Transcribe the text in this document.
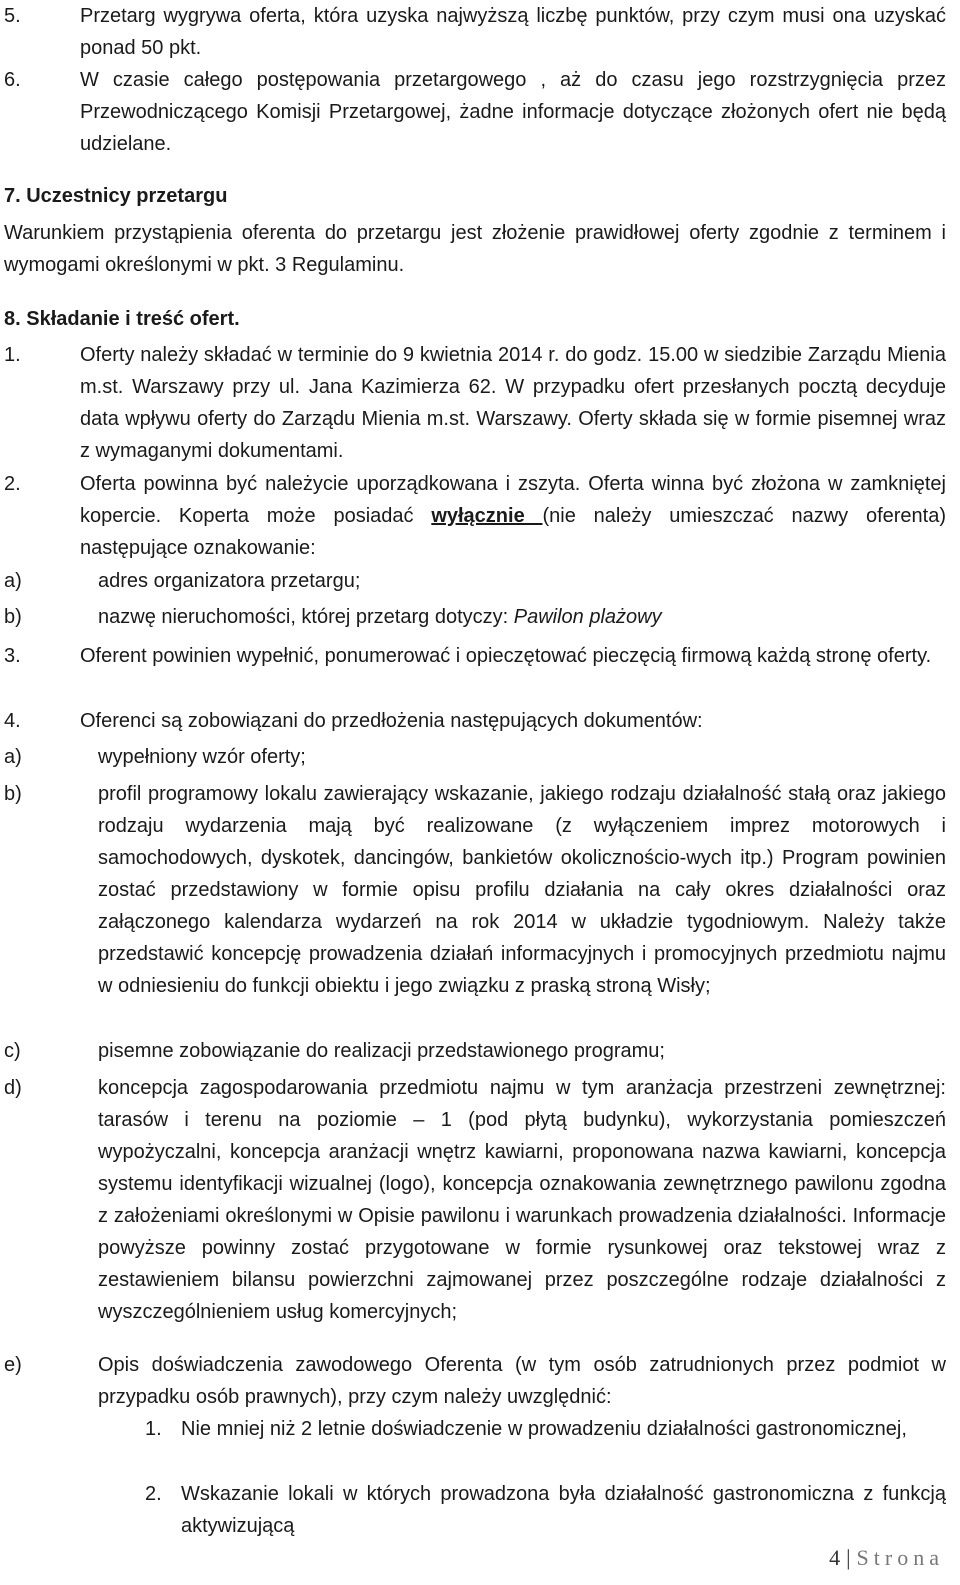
5.	Przetarg wygrywa oferta, która uzyska najwyższą liczbę punktów, przy czym musi ona uzyskać ponad 50 pkt.
6.	W czasie całego postępowania przetargowego , aż do czasu jego rozstrzygnięcia przez Przewodniczącego Komisji Przetargowej, żadne informacje dotyczące złożonych ofert nie będą udzielane.
7. Uczestnicy przetargu
Warunkiem przystąpienia oferenta do przetargu jest złożenie prawidłowej oferty zgodnie z terminem i wymogami określonymi w pkt. 3 Regulaminu.
8. Składanie i treść ofert.
1.	Oferty należy składać w terminie do 9 kwietnia 2014 r. do godz. 15.00 w siedzibie Zarządu Mienia m.st. Warszawy przy ul. Jana Kazimierza 62. W przypadku ofert przesłanych pocztą decyduje data wpływu oferty do Zarządu Mienia m.st. Warszawy. Oferty składa się w formie pisemnej wraz z wymaganymi dokumentami.
2.	Oferta powinna być należycie uporządkowana i zszyta. Oferta winna być złożona w zamkniętej kopercie. Koperta może posiadać wyłącznie (nie należy umieszczać nazwy oferenta) następujące oznakowanie:
a)	adres organizatora przetargu;
b)	nazwę nieruchomości, której przetarg dotyczy: Pawilon plażowy
3.	Oferent powinien wypełnić, ponumerować i opieczętować pieczęcią firmową każdą stronę oferty.
4.	Oferenci są zobowiązani do przedłożenia następujących dokumentów:
a)	wypełniony wzór oferty;
b)	profil programowy lokalu zawierający wskazanie, jakiego rodzaju działalność stałą oraz jakiego rodzaju wydarzenia mają być realizowane (z wyłączeniem imprez motorowych i samochodowych, dyskotek, dancingów, bankietów okolicznościo-wych itp.) Program powinien zostać przedstawiony w formie opisu profilu działania na cały okres działalności oraz załączonego kalendarza wydarzeń na rok 2014 w układzie tygodniowym. Należy także przedstawić koncepcję prowadzenia działań informacyjnych i promocyjnych przedmiotu najmu w odniesieniu do funkcji obiektu i jego związku z praską stroną Wisły;
c)	pisemne zobowiązanie do realizacji przedstawionego programu;
d)	koncepcja zagospodarowania przedmiotu najmu w tym aranżacja przestrzeni zewnętrznej: tarasów i terenu na poziomie – 1 (pod płytą budynku), wykorzystania pomieszczeń wypożyczalni, koncepcja aranżacji wnętrz kawiarni, proponowana nazwa kawiarni, koncepcja systemu identyfikacji wizualnej (logo), koncepcja oznakowania zewnętrznego pawilonu zgodna z założeniami określonymi w Opisie pawilonu i warunkach prowadzenia działalności. Informacje powyższe powinny zostać przygotowane w formie rysunkowej oraz tekstowej wraz z zestawieniem bilansu powierzchni zajmowanej przez poszczególne rodzaje działalności z wyszczególnieniem usług komercyjnych;
e)	Opis doświadczenia zawodowego Oferenta (w tym osób zatrudnionych przez podmiot w przypadku osób prawnych), przy czym należy uwzględnić:
1. Nie mniej niż 2 letnie doświadczenie w prowadzeniu działalności gastronomicznej,
2. Wskazanie lokali w których prowadzona była działalność gastronomiczna z funkcją aktywizującą
4 | Strona
